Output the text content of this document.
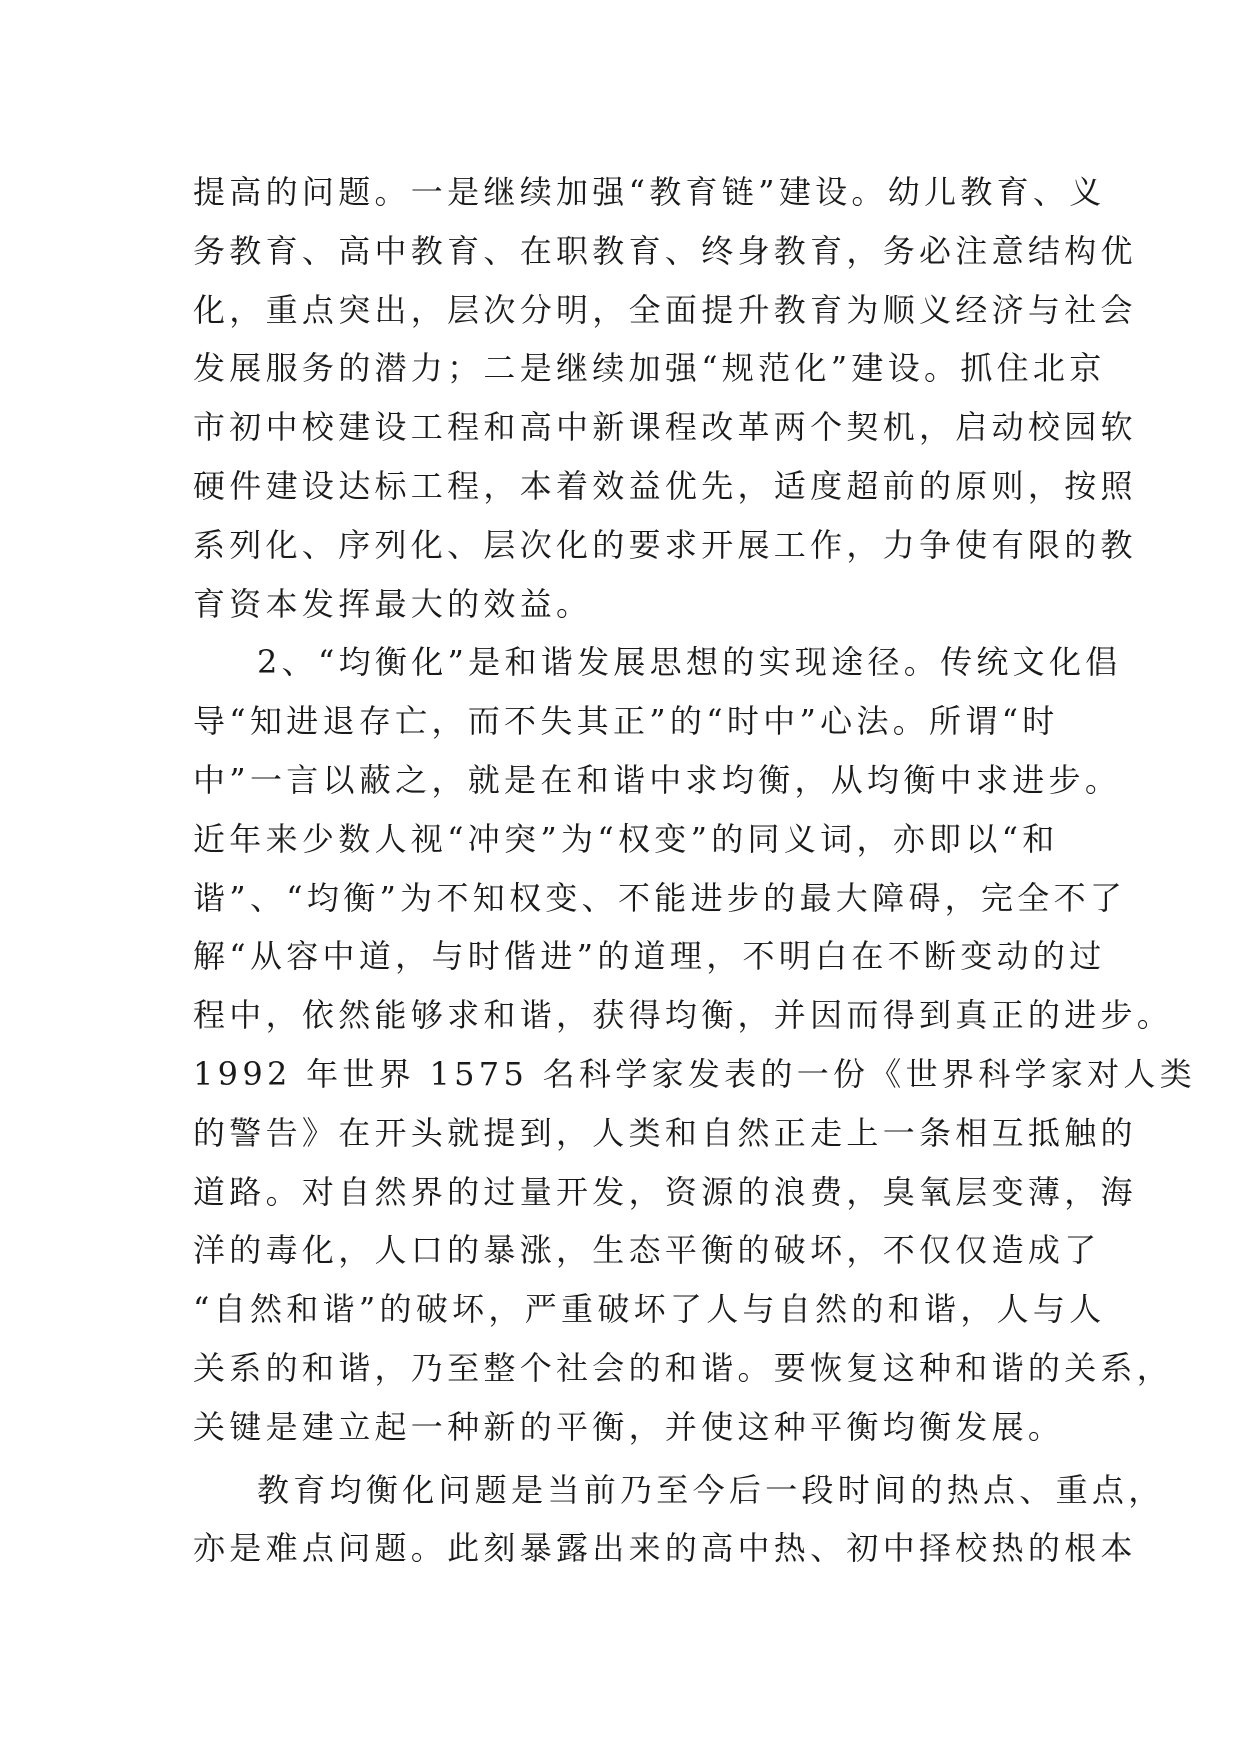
提高的问题。一是继续加强“教育链”建设。幼儿教育、义
务教育、高中教育、在职教育、终身教育，务必注意结构优
化，重点突出，层次分明，全面提升教育为顺义经济与社会
发展服务的潜力；二是继续加强“规范化”建设。抓住北京
市初中校建设工程和高中新课程改革两个契机，启动校园软
硬件建设达标工程，本着效益优先，适度超前的原则，按照
系列化、序列化、层次化的要求开展工作，力争使有限的教
育资本发挥最大的效益。
2、“均衡化”是和谐发展思想的实现途径。传统文化倡
导“知进退存亡，而不失其正”的“时中”心法。所谓“时
中”一言以蔽之，就是在和谐中求均衡，从均衡中求进步。
近年来少数人视“冲突”为“权变”的同义词，亦即以“和
谐”、“均衡”为不知权变、不能进步的最大障碍，完全不了
解“从容中道，与时偕进”的道理，不明白在不断变动的过
程中，依然能够求和谐，获得均衡，并因而得到真正的进步。
1992 年世界 1575 名科学家发表的一份《世界科学家对人类
的警告》在开头就提到，人类和自然正走上一条相互抵触的
道路。对自然界的过量开发，资源的浪费，臭氧层变薄，海
洋的毒化，人口的暴涨，生态平衡的破坏，不仅仅造成了
“自然和谐”的破坏，严重破坏了人与自然的和谐，人与人
关系的和谐，乃至整个社会的和谐。要恢复这种和谐的关系，
关键是建立起一种新的平衡，并使这种平衡均衡发展。
教育均衡化问题是当前乃至今后一段时间的热点、重点，
亦是难点问题。此刻暴露出来的高中热、初中择校热的根本
